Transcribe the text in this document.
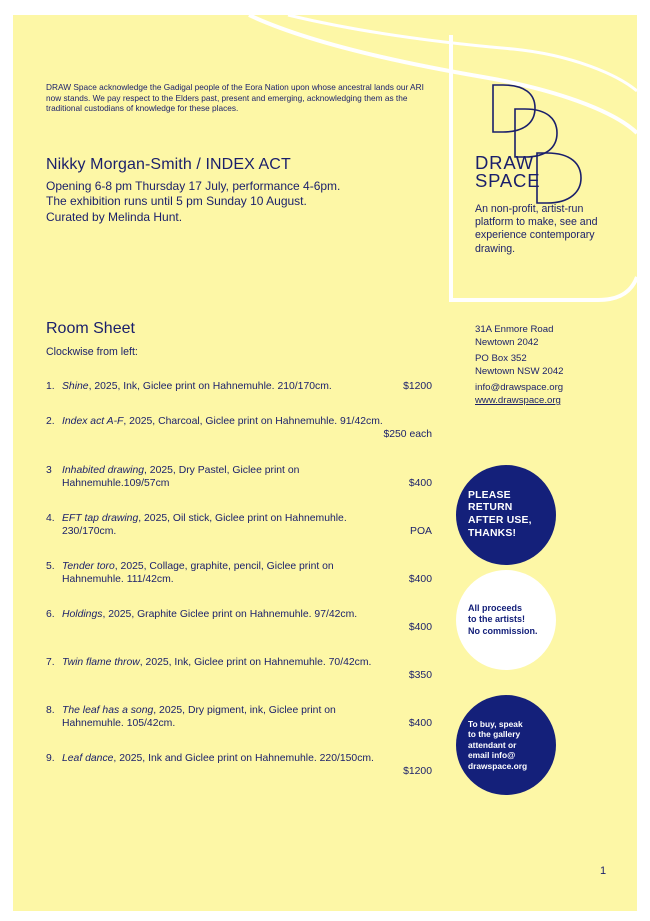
DRAW Space acknowledge the Gadigal people of the Eora Nation upon whose ancestral lands our ARI now stands. We pay respect to the Elders past, present and emerging, acknowledging them as the traditional custodians of knowledge for these places.

Nikky Morgan-Smith / INDEX ACT
Opening 6-8 pm Thursday 17 July, performance 4-6pm.
The exhibition runs until 5 pm Sunday 10 August.
Curated by Melinda Hunt.
DRAW
SPACE
An non-profit, artist-run platform to make, see and experience contemporary drawing.
Room Sheet
Clockwise from left:
31A Enmore Road
Newtown 2042
PO Box 352
Newtown NSW 2042
info@drawspace.org
www.drawspace.org
1. Shine, 2025, Ink, Giclee print on Hahnemuhle. 210/170cm.	$1200
2. Index act A-F, 2025, Charcoal, Giclee print on Hahnemuhle. 91/42cm.
$250 each
3 Inhabited drawing, 2025, Dry Pastel, Giclee print on Hahnemuhle.109/57cm	$400
4. EFT tap drawing, 2025, Oil stick, Giclee print on Hahnemuhle. 230/170cm.	POA
5. Tender toro, 2025, Collage, graphite, pencil, Giclee print on Hahnemuhle. 111/42cm.	$400
6. Holdings, 2025, Graphite Giclee print on Hahnemuhle. 97/42cm.
$400
7. Twin flame throw, 2025, Ink, Giclee print on Hahnemuhle. 70/42cm.
$350
8. The leaf has a song, 2025, Dry pigment, ink, Giclee print on Hahnemuhle. 105/42cm.	$400
9. Leaf dance, 2025, Ink and Giclee print on Hahnemuhle. 220/150cm.
$1200
PLEASE
RETURN
AFTER USE,
THANKS!
All proceeds
to the artists!
No commission.
To buy, speak
to the gallery
attendant or
email info@
drawspace.org
1
